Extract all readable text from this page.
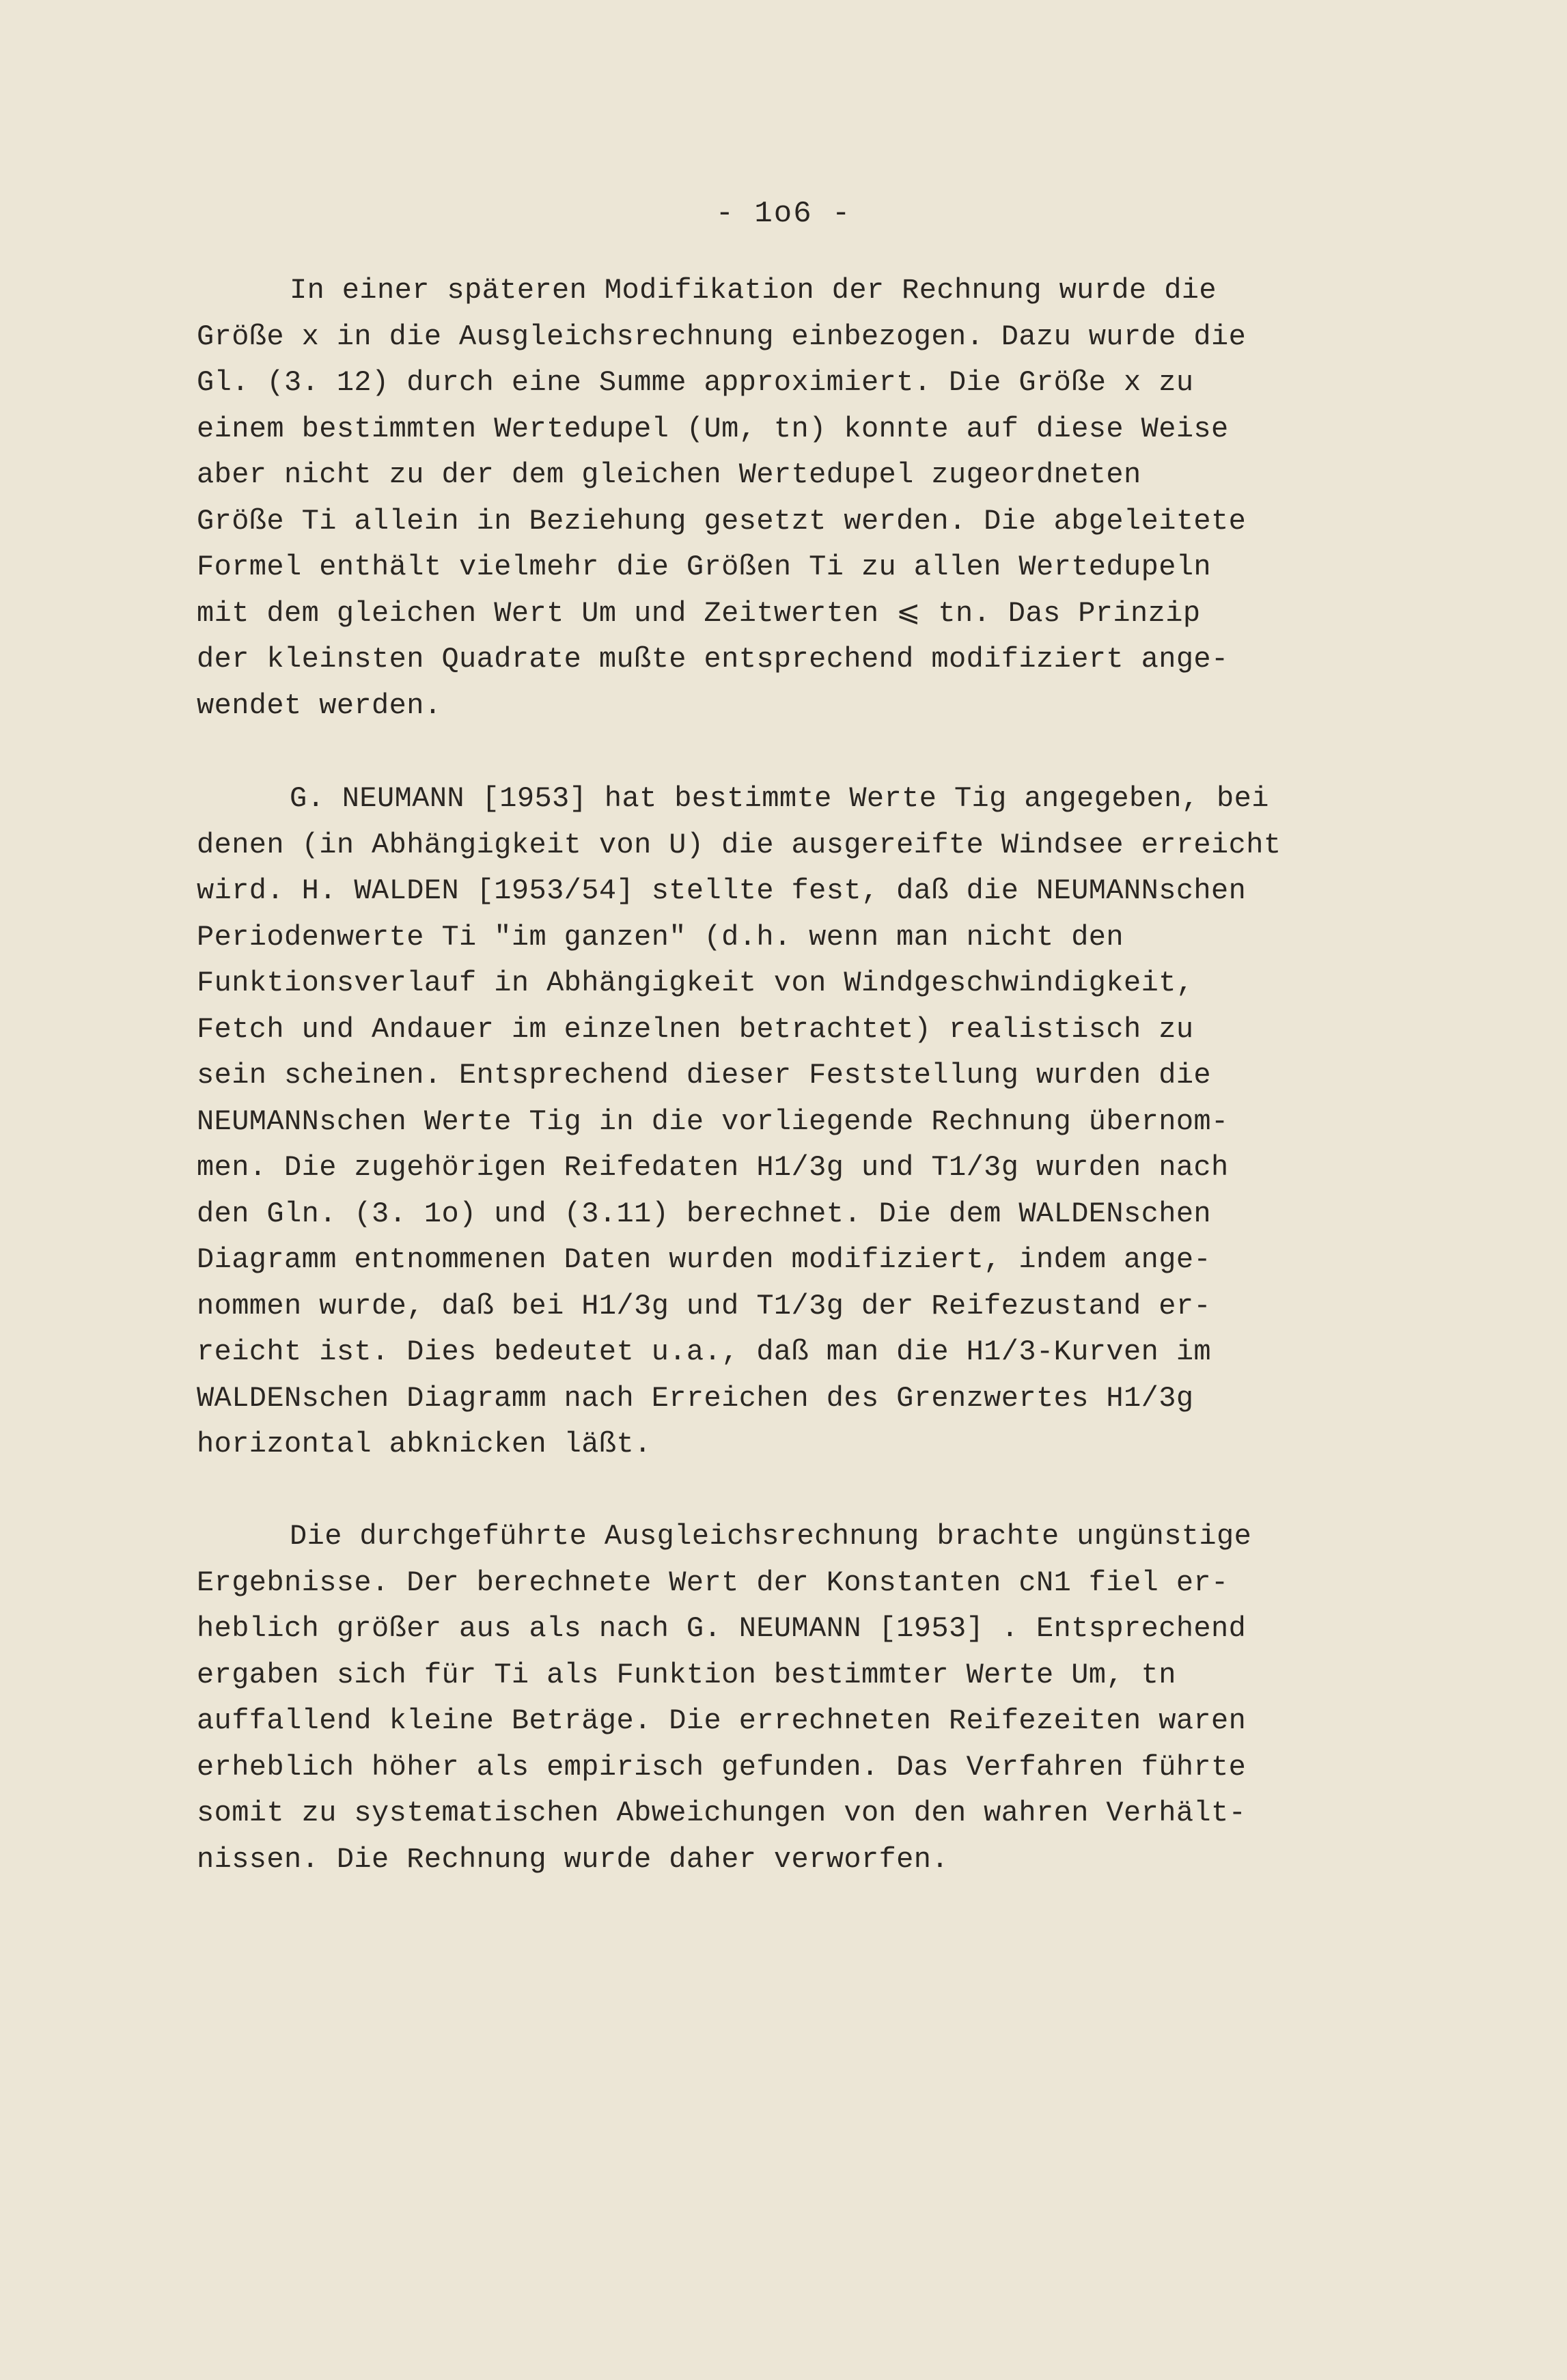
- 1o6 -
In einer späteren Modifikation der Rechnung wurde die
Größe x in die Ausgleichsrechnung einbezogen. Dazu wurde die
Gl. (3. 12) durch eine Summe approximiert. Die Größe x zu
einem bestimmten Wertedupel (Um, tn) konnte auf diese Weise
aber nicht zu der dem gleichen Wertedupel zugeordneten
Größe Ti allein in Beziehung gesetzt werden. Die abgeleitete
Formel enthält vielmehr die Größen Ti zu allen Wertedupeln
mit dem gleichen Wert Um und Zeitwerten ⩽ tn. Das Prinzip
der kleinsten Quadrate mußte entsprechend modifiziert ange-
wendet werden.
G. NEUMANN [1953] hat bestimmte Werte Tig angegeben, bei
denen (in Abhängigkeit von U) die ausgereifte Windsee erreicht
wird. H. WALDEN [1953/54] stellte fest, daß die NEUMANNschen
Periodenwerte Ti "im ganzen" (d.h. wenn man nicht den
Funktionsverlauf in Abhängigkeit von Windgeschwindigkeit,
Fetch und Andauer im einzelnen betrachtet) realistisch zu
sein scheinen. Entsprechend dieser Feststellung wurden die
NEUMANNschen Werte Tig in die vorliegende Rechnung übernom-
men. Die zugehörigen Reifedaten H1/3g und T1/3g wurden nach
den Gln. (3. 1o) und (3.11) berechnet. Die dem WALDENschen
Diagramm entnommenen Daten wurden modifiziert, indem ange-
nommen wurde, daß bei H1/3g und T1/3g der Reifezustand er-
reicht ist. Dies bedeutet u.a., daß man die H1/3-Kurven im
WALDENschen Diagramm nach Erreichen des Grenzwertes H1/3g
horizontal abknicken läßt.
Die durchgeführte Ausgleichsrechnung brachte ungünstige
Ergebnisse. Der berechnete Wert der Konstanten cN1 fiel er-
heblich größer aus als nach G. NEUMANN [1953] . Entsprechend
ergaben sich für Ti als Funktion bestimmter Werte Um, tn
auffallend kleine Beträge. Die errechneten Reifezeiten waren
erheblich höher als empirisch gefunden. Das Verfahren führte
somit zu systematischen Abweichungen von den wahren Verhält-
nissen. Die Rechnung wurde daher verworfen.
